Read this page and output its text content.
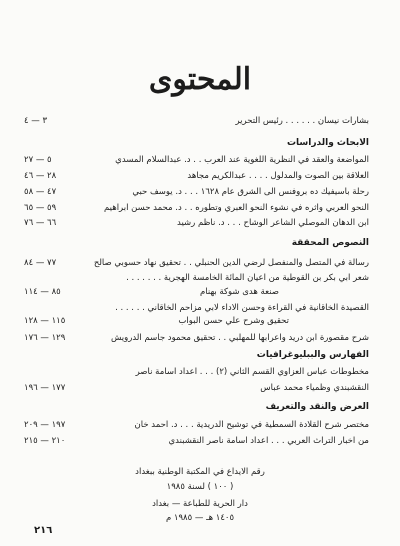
المحتوى
بشارات نيسان . . . . . . رئيس التحرير
٣ — ٤
الابحاث والدراسات
المواضعة والعقد في النظرية اللغوية عند العرب . . د. عبدالسلام المسدي
٥ — ٢٧
العلاقة بين الصوت والمدلول . . . . عبدالكريم مجاهد
٢٨ — ٤٦
رحلة باسيفيك ده بروفنس الى الشرق عام ١٦٢٨ . . . د. يوسف حبي
٤٧ — ٥٨
النحو العربي واثره في نشوء النحو العبري وتطوره . . د. محمد حسن ابراهيم
٥٩ — ٦٥
ابن الدهان الموصلي الشاعر الوشاح . . . د. ناظم رشيد
٦٦ — ٧٦
النصوص المحققة
رسالة في المتصل والمنفصل لرضي الدين الحنبلي . . تحقيق نهاد حسوبي صالح
٧٧ — ٨٤
شعر ابي بكر بن القوطية من اعيان المائة الخامسة الهجرية . . . . . . .
صنعة هدى شوكة بهنام
٨٥ — ١١٤
القصيدة الخاقانية في القراءة وحسن الاداء لابي مزاحم الخاقاني . . . . . .
تحقيق وشرح علي حسن البواب
١١٥ — ١٢٨
شرح مقصورة ابن دريد واعرابها للمهلبي . . تحقيق محمود جاسم الدرويش
١٢٩ — ١٧٦
الفهارس والببليوغرافيات
مخطوطات عباس العزاوي القسم الثاني (٢) . . . اعداد اسامة ناصر
النقشبندي وظمياء محمد عباس
١٧٧ — ١٩٦
العرض والنقد والتعريف
مختصر شرح القلادة السمطية في توشيح الدريدية . . . د. احمد خان
١٩٧ — ٢٠٩
من اخبار التراث العربي . . . اعداد اسامة ناصر النقشبندي
٢١٠ — ٢١٥
رقم الايداع في المكتبة الوطنية ببغداد
( ١٠٠ ) لسنة ١٩٨٥
دار الحرية للطباعة — بغداد
١٤٠٥ هـ — ١٩٨٥ م
٢١٦
